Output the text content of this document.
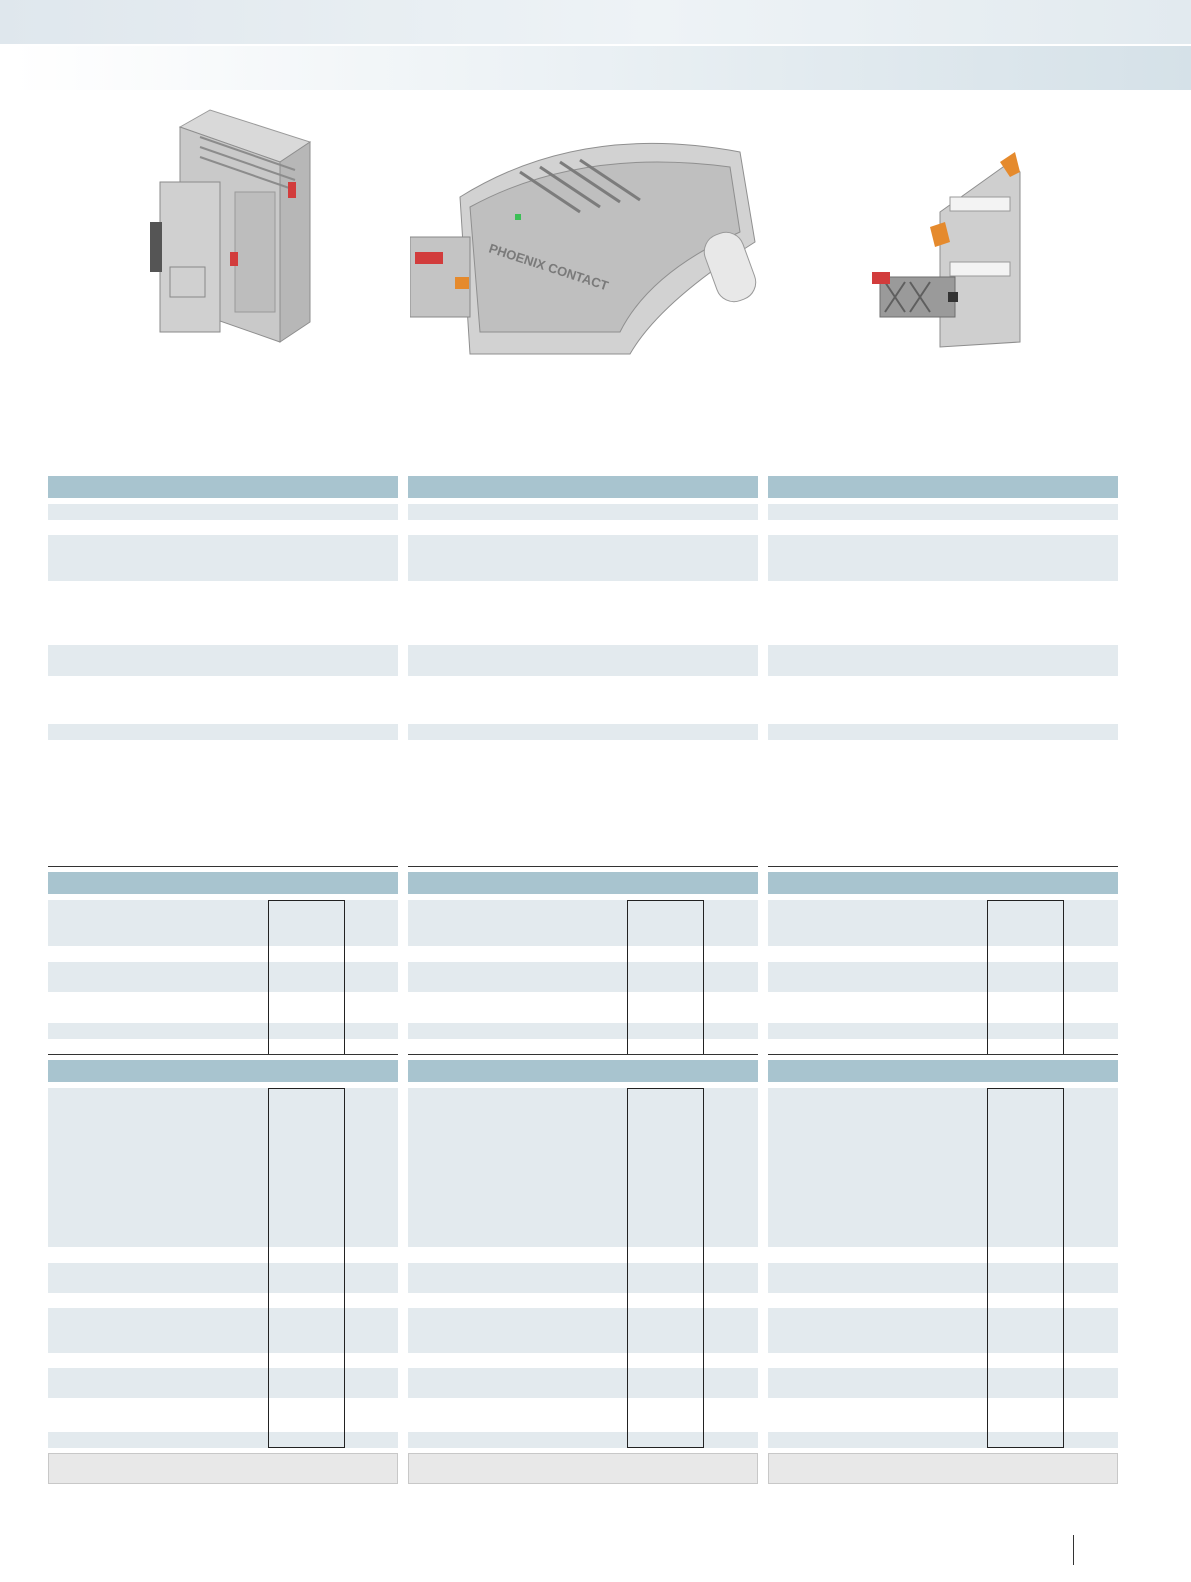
PHOENIX CONTACT
